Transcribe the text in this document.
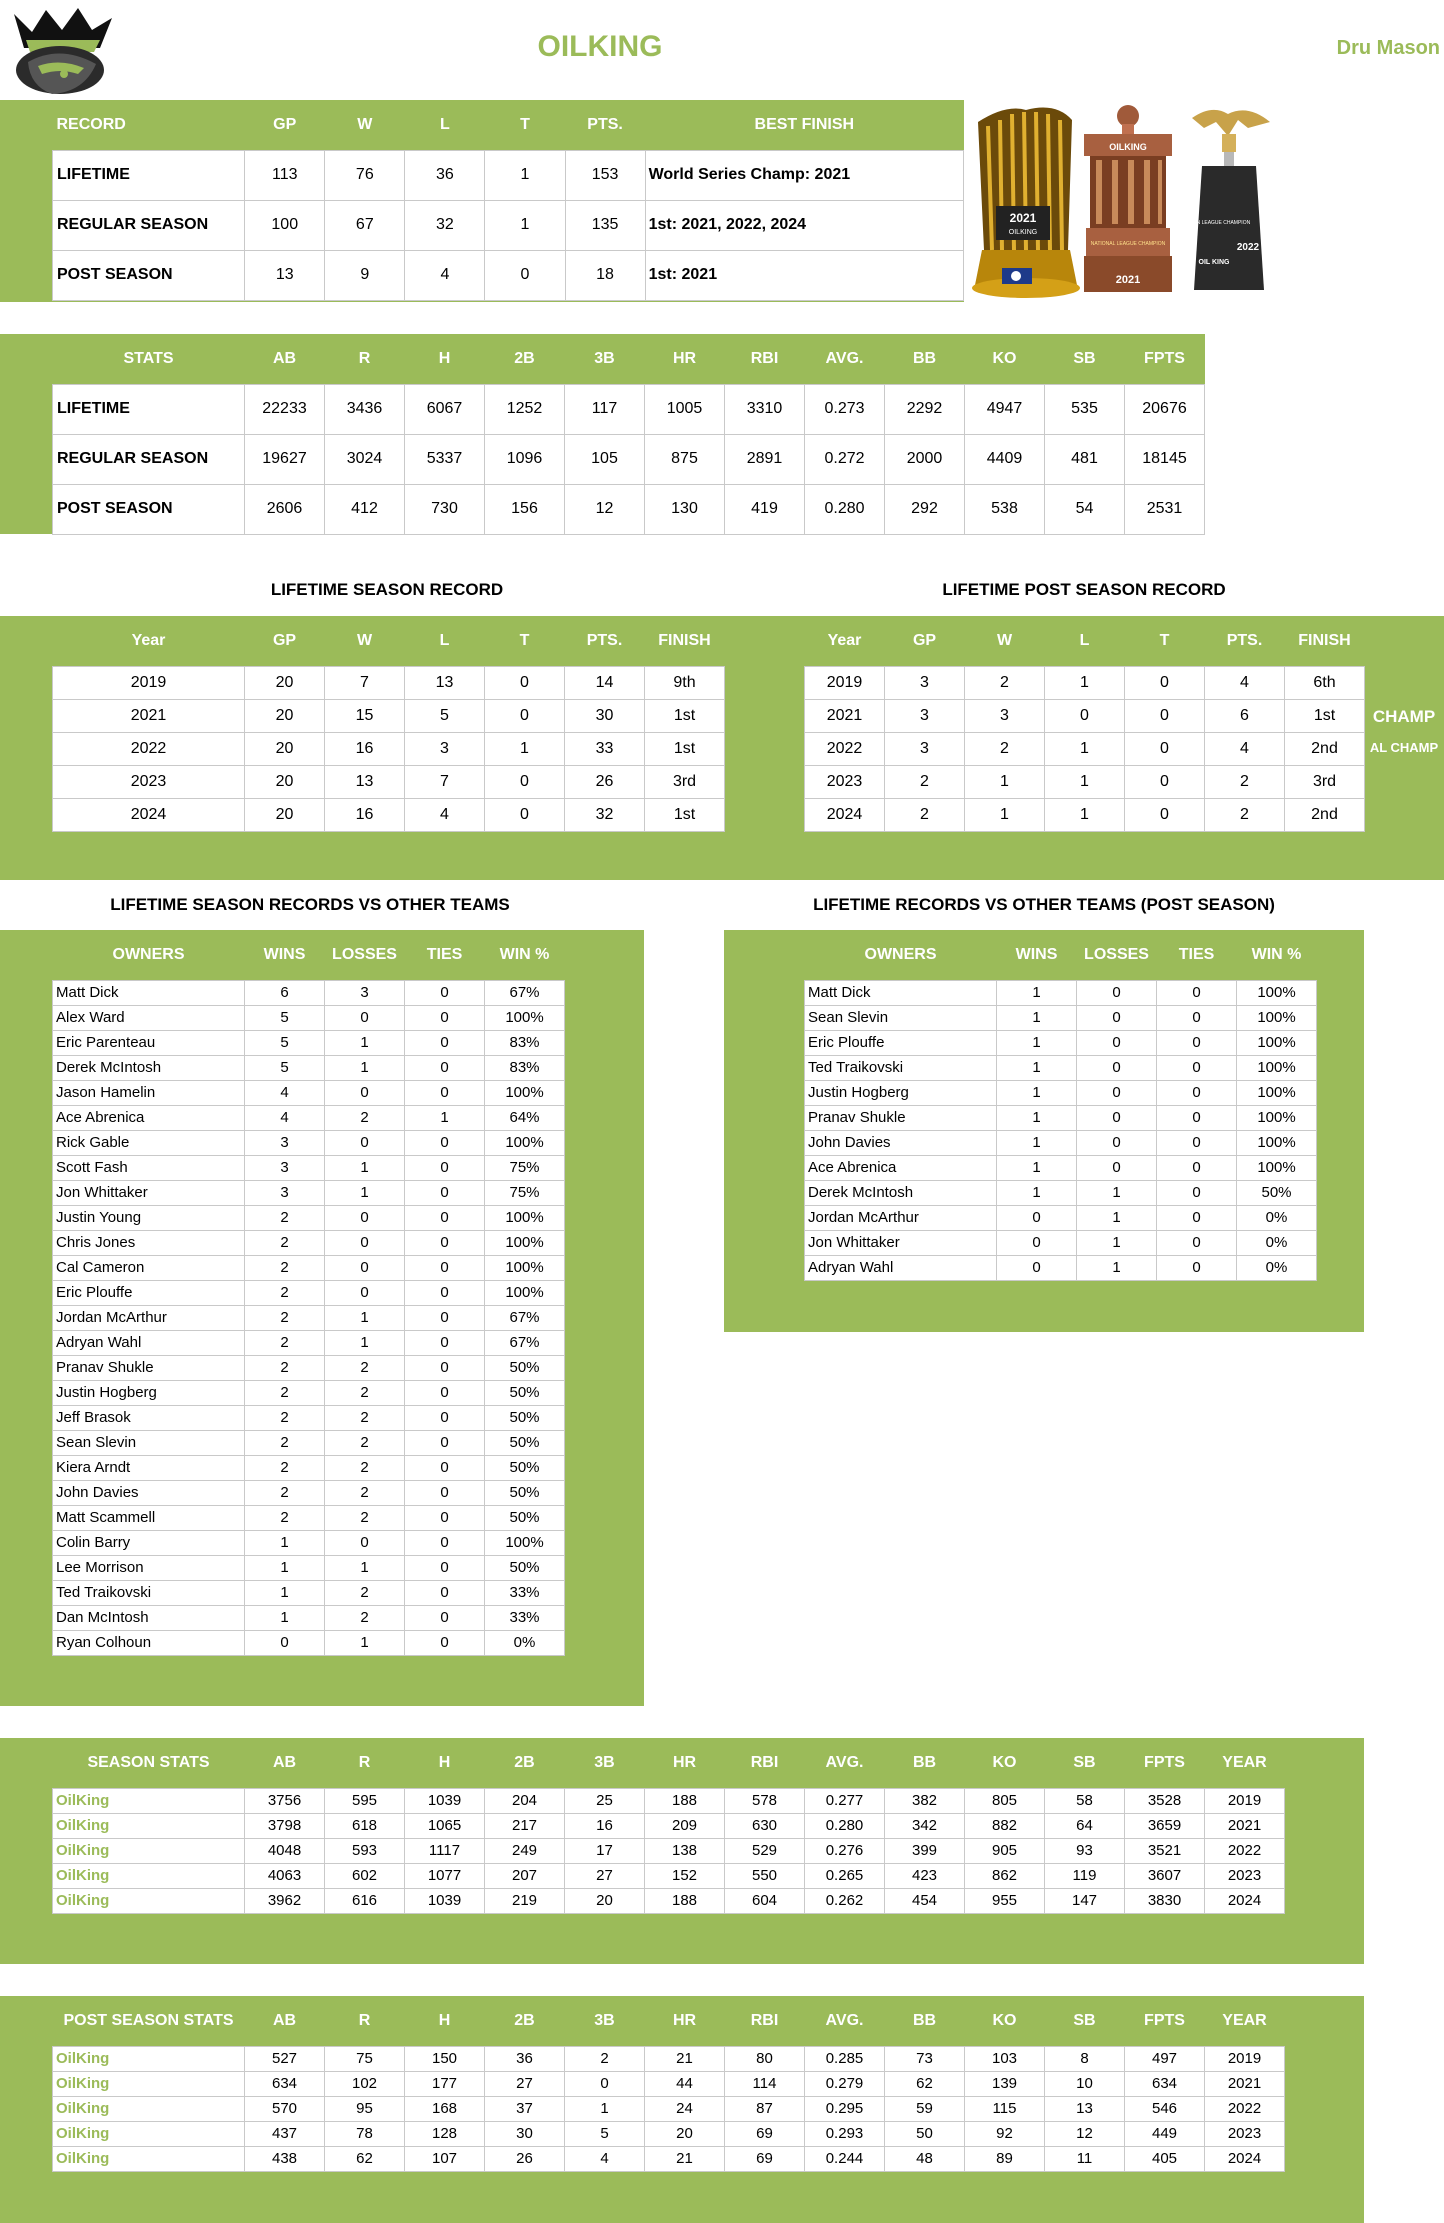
OILKING	Dru Mason
RECORD	GP	W	L	T	PTS.	BEST FINISH
LIFETIME	113	76	36	1	153	World Series Champ: 2021
REGULAR SEASON	100	67	32	1	135	1st: 2021, 2022, 2024
POST SEASON	13	9	4	0	18	1st: 2021
2021
OILKING
OILKING
NATIONAL LEAGUE CHAMPION
2021
AMERICAN LEAGUE CHAMPION
OIL KING
2022
STATS	AB	R	H	2B	3B	HR	RBI	AVG.	BB	KO	SB	FPTS
LIFETIME	22233	3436	6067	1252	117	1005	3310	0.273	2292	4947	535	20676
REGULAR SEASON	19627	3024	5337	1096	105	875	2891	0.272	2000	4409	481	18145
POST SEASON	2606	412	730	156	12	130	419	0.280	292	538	54	2531
LIFETIME SEASON RECORD	LIFETIME POST SEASON RECORD
Year	GP	W	L	T	PTS.	FINISH
2019	20	7	13	0	14	9th
2021	20	15	5	0	30	1st
2022	20	16	3	1	33	1st
2023	20	13	7	0	26	3rd
2024	20	16	4	0	32	1st
Year	GP	W	L	T	PTS.	FINISH
2019	3	2	1	0	4	6th
2021	3	3	0	0	6	1st
2022	3	2	1	0	4	2nd
2023	2	1	1	0	2	3rd
2024	2	1	1	0	2	2nd
LIFETIME SEASON RECORDS VS OTHER TEAMS	LIFETIME RECORDS VS OTHER TEAMS (POST SEASON)
OWNERS	WINS	LOSSES	TIES	WIN %
Matt Dick	6	3	0	67%
Alex Ward	5	0	0	100%
Eric Parenteau	5	1	0	83%
Derek McIntosh	5	1	0	83%
Jason Hamelin	4	0	0	100%
Ace Abrenica	4	2	1	64%
Rick Gable	3	0	0	100%
Scott Fash	3	1	0	75%
Jon Whittaker	3	1	0	75%
Justin Young	2	0	0	100%
Chris Jones	2	0	0	100%
Cal Cameron	2	0	0	100%
Eric Plouffe	2	0	0	100%
Jordan McArthur	2	1	0	67%
Adryan Wahl	2	1	0	67%
Pranav Shukle	2	2	0	50%
Justin Hogberg	2	2	0	50%
Jeff Brasok	2	2	0	50%
Sean Slevin	2	2	0	50%
Kiera Arndt	2	2	0	50%
John Davies	2	2	0	50%
Matt Scammell	2	2	0	50%
Colin Barry	1	0	0	100%
Lee Morrison	1	1	0	50%
Ted Traikovski	1	2	0	33%
Dan McIntosh	1	2	0	33%
Ryan Colhoun	0	1	0	0%
OWNERS	WINS	LOSSES	TIES	WIN %
Matt Dick	1	0	0	100%
Sean Slevin	1	0	0	100%
Eric Plouffe	1	0	0	100%
Ted Traikovski	1	0	0	100%
Justin Hogberg	1	0	0	100%
Pranav Shukle	1	0	0	100%
John Davies	1	0	0	100%
Ace Abrenica	1	0	0	100%
Derek McIntosh	1	1	0	50%
Jordan McArthur	0	1	0	0%
Jon Whittaker	0	1	0	0%
Adryan Wahl	0	1	0	0%
SEASON STATS	AB	R	H	2B	3B	HR	RBI	AVG.	BB	KO	SB	FPTS	YEAR
OilKing	3756	595	1039	204	25	188	578	0.277	382	805	58	3528	2019
OilKing	3798	618	1065	217	16	209	630	0.280	342	882	64	3659	2021
OilKing	4048	593	1117	249	17	138	529	0.276	399	905	93	3521	2022
OilKing	4063	602	1077	207	27	152	550	0.265	423	862	119	3607	2023
OilKing	3962	616	1039	219	20	188	604	0.262	454	955	147	3830	2024
POST SEASON STATS	AB	R	H	2B	3B	HR	RBI	AVG.	BB	KO	SB	FPTS	YEAR
OilKing	527	75	150	36	2	21	80	0.285	73	103	8	497	2019
OilKing	634	102	177	27	0	44	114	0.279	62	139	10	634	2021
OilKing	570	95	168	37	1	24	87	0.295	59	115	13	546	2022
OilKing	437	78	128	30	5	20	69	0.293	50	92	12	449	2023
OilKing	438	62	107	26	4	21	69	0.244	48	89	11	405	2024
CHAMP
AL CHAMP
